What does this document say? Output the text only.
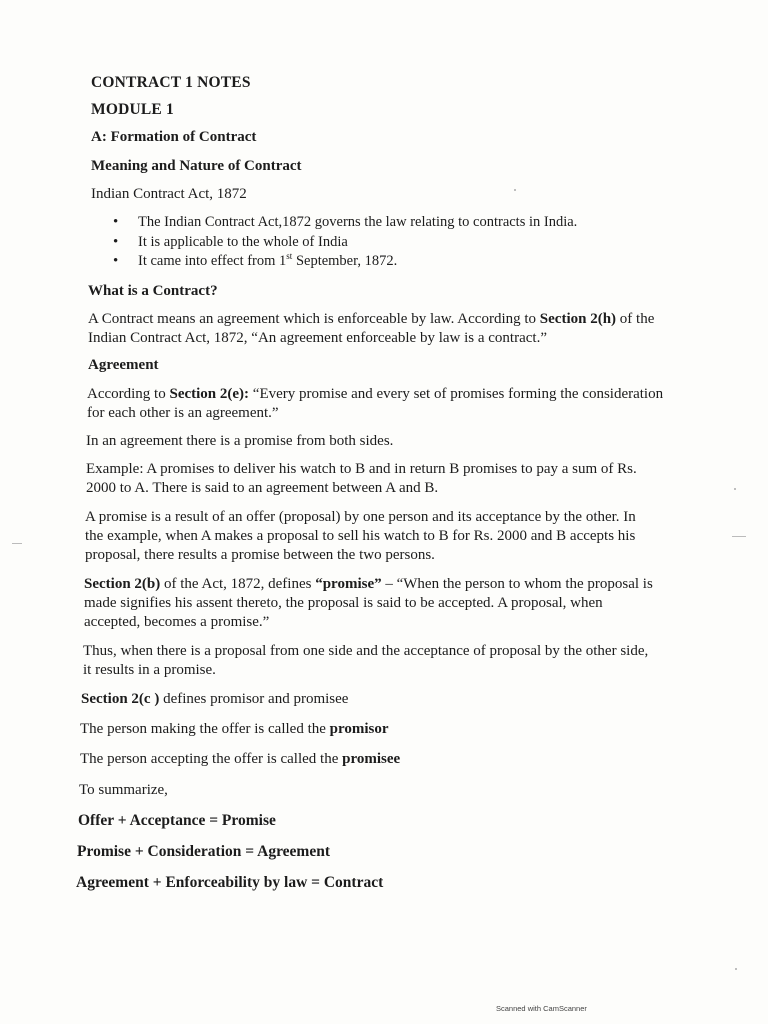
CONTRACT 1 NOTES
MODULE 1
A: Formation of Contract
Meaning and Nature of Contract
Indian Contract Act, 1872
• The Indian Contract Act,1872 governs the law relating to contracts in India.
• It is applicable to the whole of India
• It came into effect from 1st September, 1872.
What is a Contract?
A Contract means an agreement which is enforceable by law. According to Section 2(h) of the
Indian Contract Act, 1872, “An agreement enforceable by law is a contract.”
Agreement
According to Section 2(e): “Every promise and every set of promises forming the consideration
for each other is an agreement.”
In an agreement there is a promise from both sides.
Example: A promises to deliver his watch to B and in return B promises to pay a sum of Rs.
2000 to A. There is said to an agreement between A and B.
A promise is a result of an offer (proposal) by one person and its acceptance by the other. In
the example, when A makes a proposal to sell his watch to B for Rs. 2000 and B accepts his
proposal, there results a promise between the two persons.
Section 2(b) of the Act, 1872, defines “promise” – “When the person to whom the proposal is
made signifies his assent thereto, the proposal is said to be accepted. A proposal, when
accepted, becomes a promise.”
Thus, when there is a proposal from one side and the acceptance of proposal by the other side,
it results in a promise.
Section 2(c ) defines promisor and promisee
The person making the offer is called the promisor
The person accepting the offer is called the promisee
To summarize,
Offer + Acceptance = Promise
Promise + Consideration = Agreement
Agreement + Enforceability by law = Contract
Scanned with CamScanner
